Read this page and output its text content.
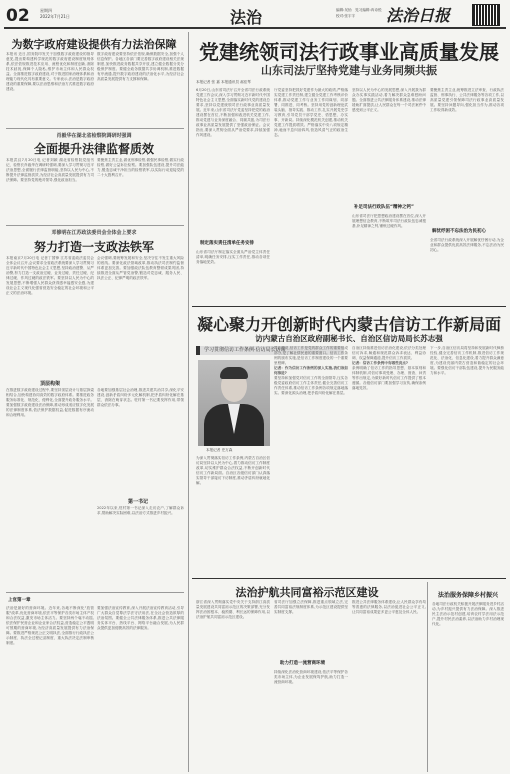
02	星期四
2022年7月21日	法治	编辑:吴怡　见习编辑:冉诗悦
校对:张宇宇 法治日报
为数字政府建设提供有力法治保障
本报讯 近日,国务院印发关于加强数字政府建设的指导意见,提出要构建科学规范的数字政府建设制度规则体系,依法依规推进技术应用、流程优化和制度创新,消除技术歧视,保障个人隐私,维护市场主体和人民群众权益。全面推进数字政府建设,对于推进国家治理体系和治理能力现代化具有重要意义。专家表示,法治是数字政府建设的重要保障,要以法治思维和法治方式推进数字政府建设。
数字政府建设要坚持依法依规,确保数据安全,加强个人信息保护。各地区各部门要完善数字政府建设相关法规制度,加快推进政务数据共享开放,建立健全数据分类分级保护制度。要健全政务数据共享协调机制,推进数据有序流通,提升数字政府建设的法治化水平,为经济社会高质量发展提供有力支撑和保障。
肖毅华在湖北省检察院调研时强调
全面提升法律监督质效
本报武汉7月20日电 记者刘颖 湖北省检察院党组书记、检察长肖毅华在调研时强调,要深入学习贯彻习近平法治思想,全面履行法律监督职能,坚持以人民为中心,不断提升法律监督质效,为经济社会高质量发展提供有力司法保障。要坚持党的绝对领导,强化政治担当。
要聚焦主责主业,做优刑事检察,做强民事检察,做实行政检察,做好公益诉讼检察。要加强队伍建设,提升司法能力,锻造忠诚干净担当的检察铁军,以实际行动迎接党的二十大胜利召开。
邓修明在江苏政法委员会全体会上要求
努力打造一支政法铁军
本报南京7月20日电 记者丁国锋 江苏省委政法委员会全体会议召开,会议要求全省政法系统要深入学习贯彻习近平新时代中国特色社会主义思想,坚持政治建警、从严治警,努力打造一支政治过硬、业务过硬、责任过硬、纪律过硬、作风过硬的政法铁军。要坚持以人民为中心的发展思想,不断增强人民群众获得感幸福感安全感,为建设社会主义现代化强省营造安全稳定的社会环境和公平正义的法治环境。
会议强调,要统筹发展和安全,坚决守住不发生重大风险的底线。要深化政法领域改革,推动执法司法制约监督体系更加完善。要加强政法队伍教育整顿成果巩固,持续推进全面从严管党治警,锻造对党忠诚、服务人民、执法公正、纪律严明的政法铁军。
顶层构架
在推进数字政府建设过程中,要坚持顶层设计与基层探索相结合,加快构建协同高效的数字政府体系。要推进政务服务标准化、规范化、便利化,全面提升政务服务水平。要加强数字政府建设法治保障,推动形成适应数字化发展的法律制度体系,依法保护数据权益,促进数据有序流动和合理利用。
第一书记
各地要加强基层社会治理,推进共建共治共享,深化平安建设,创新矛盾纠纷多元化解机制,把矛盾纠纷化解在基层、消除在萌芽状态。驻村第一书记要发挥作用,带领群众依法办事。
2022年以来,驻村第一书记深入走访农户,了解群众诉求,帮助解决实际困难,以法治方式推进乡村振兴。
上官第一章
法治是最好的营商环境。近年来,各地不断深化"放管服"改革,优化营商环境,依法平等保护各类市场主体产权和合法权益,激发市场主体活力。要坚持两个毫不动摇,依法保护民营企业和企业家合法权益,营造稳定公平透明可预期的营商环境,为经济高质量发展提供有力法治保障。要推进严格规范公正文明执法,全面推行行政执法公示制度、执法全过程记录制度、重大执法决定法制审核制度。
要加强法治宣传教育,深入开展法治宣传教育活动,引导广大群众自觉尊法学法守法用法,在全社会营造浓厚的法治氛围。要健全公共法律服务体系,推进公共法律服务实体平台、热线平台、网络平台融合发展,为人民群众提供更加便捷高效的法律服务。
党建统领司法行政事业高质量发展
山东司法厅坚持党建与业务同频共振
本报记者 张 嘉 本报通讯员 郝佳琴
6月20日,山东省司法厅召开全省司法行政系统党建工作会议,深入学习贯彻习近平新时代中国特色社会主义思想,全面落实新时代党的建设总要求,坚持以党建统领司法行政事业高质量发展。近年来,山东省司法厅党委坚持把党的政治建设摆在首位,不断加强和改进机关党建工作,推动党建与业务深度融合、同频共振,为司法行政事业高质量发展提供了坚强政治保证。会议指出,要深入贯彻全面从严治党要求,持续加强作风建设。
制定落实责任清单任务安排
山东省司法厅制定落实全面从严治党主体责任清单,明确任务安排,压实工作责任,推动各项任务落地见效。
厅党委坚持把抓好党建作为最大的政绩,严格落实党建工作责任制,建立健全党建工作考核评价体系,推动党建工作与业务工作同谋划、同部署、同推进、同考核。坚持用党的创新理论武装头脑、指导实践、推动工作,扎实开展党史学习教育,引导党员干部学党史、悟思想、办实事、开新局。持续深化模范机关创建,推动机关党建工作提质增效。严格落实中央八项规定精神,驰而不息纠治四风,营造风清气正的政治生态。
坚持以人民为中心的发展思想,深入开展我为群众办实事实践活动,着力解决群众急难愁盼问题。全面推进公共法律服务体系建设,推动法律援助扩面提质,让人民群众在每一个司法案件中感受到公平正义。
补足司法行政队伍“精神之钙”
山东省司法厅把思想政治建设摆在首位,深入开展理想信念教育,不断筑牢司法行政队伍忠诚根基,补足精神之钙,锤炼过硬作风。
要聚焦主责主业,统筹推进立法审查、行政执法监督、刑事执行、公共法律服务等各项工作,以高质量党建引领保障司法行政事业高质量发展。要坚持问题导向,强化担当作为,推动各项工作取得新成效。
解忧纾困不忘法治为民初心
全省司法行政系统深入开展解忧纾困行动,为企业和群众提供优质高效法律服务,不忘法治为民初心。
凝心聚力开创新时代内蒙古信访工作新局面
访内蒙古自治区政府副秘书长、自治区信访局局长苏志强
学习贯彻信访工作条例·信访局长访谈
本报记者 史万森
为深入贯彻落实信访工作条例,内蒙古自治区信访局坚持以人民为中心,着力推动信访工作制度改革,切实维护群众合法权益,不断开创新时代信访工作新局面。自治区各级信访部门认真落实领导干部接访下访制度,推动矛盾纠纷就地化解。
苏志强说,信访工作是党的群众工作的重要组成部分,是了解社情民意的重要窗口。信访工作条例的颁布实施,是信访工作制度建设的一个重要里程碑。
记者：作为信访工作条例的深入实施,我们该如何推进?
要坚持和加强党对信访工作的全面领导,压实各级党委政府信访工作主体责任,健全完善信访工作责任体系,推动信访工作条例各项规定落地落实。要深化源头治理,把矛盾纠纷化解在基层。
自治区持续推进信访法治化建设,依法分类处理信访诉求,畅通和规范群众诉求表达、利益协调、权益保障通道,提升信访工作质效。
记者：信访工作条例中有哪些亮点?
条例明确了信访工作的指导思想、基本原则和体制机制,对信访事项受理、办理、督查、问责等作出规定,为做好新时代信访工作提供了根本遵循。各级信访部门要加强学习宣传,确保条例落地见效。
下一步,自治区信访局将坚持和发展新时代枫桥经验,健全完善信访工作机制,推进信访工作规范化、法治化、信息化建设,着力提升群众满意度,为建设亮丽内蒙古营造和谐稳定的社会环境。要强化信访干部队伍建设,提升为民服务能力和水平。
法治护航共同富裕示范区建设
浙江省深入贯彻落实党中央关于支持浙江高质量发展建设共同富裕示范区的决策部署,充分发挥法治固根本、稳预期、利长远的保障作用,以法治护航共同富裕示范区建设。
助力打造一流营商环境
省司法厅加强立法保障,推进重点领域立法,完善共同富裕法规制度体系,为示范区建设提供坚实制度支撑。
持续深化法治化营商环境建设,依法平等保护各类市场主体,为企业发展保驾护航,助力打造一流营商环境。
推进公共法律服务体系建设,让人民群众享有均等普惠的法律服务,以法治促进社会公平正义,让共同富裕成果更多更公平惠及全体人民。
法治服务保障乡村振兴
各地司法行政机关积极开展法律服务进乡村活动,为乡村振兴提供有力法治保障。深入推进民主法治示范村创建,培育农村学法用法示范户,提升村民法治素养,以法治助力乡村治理现代化。
